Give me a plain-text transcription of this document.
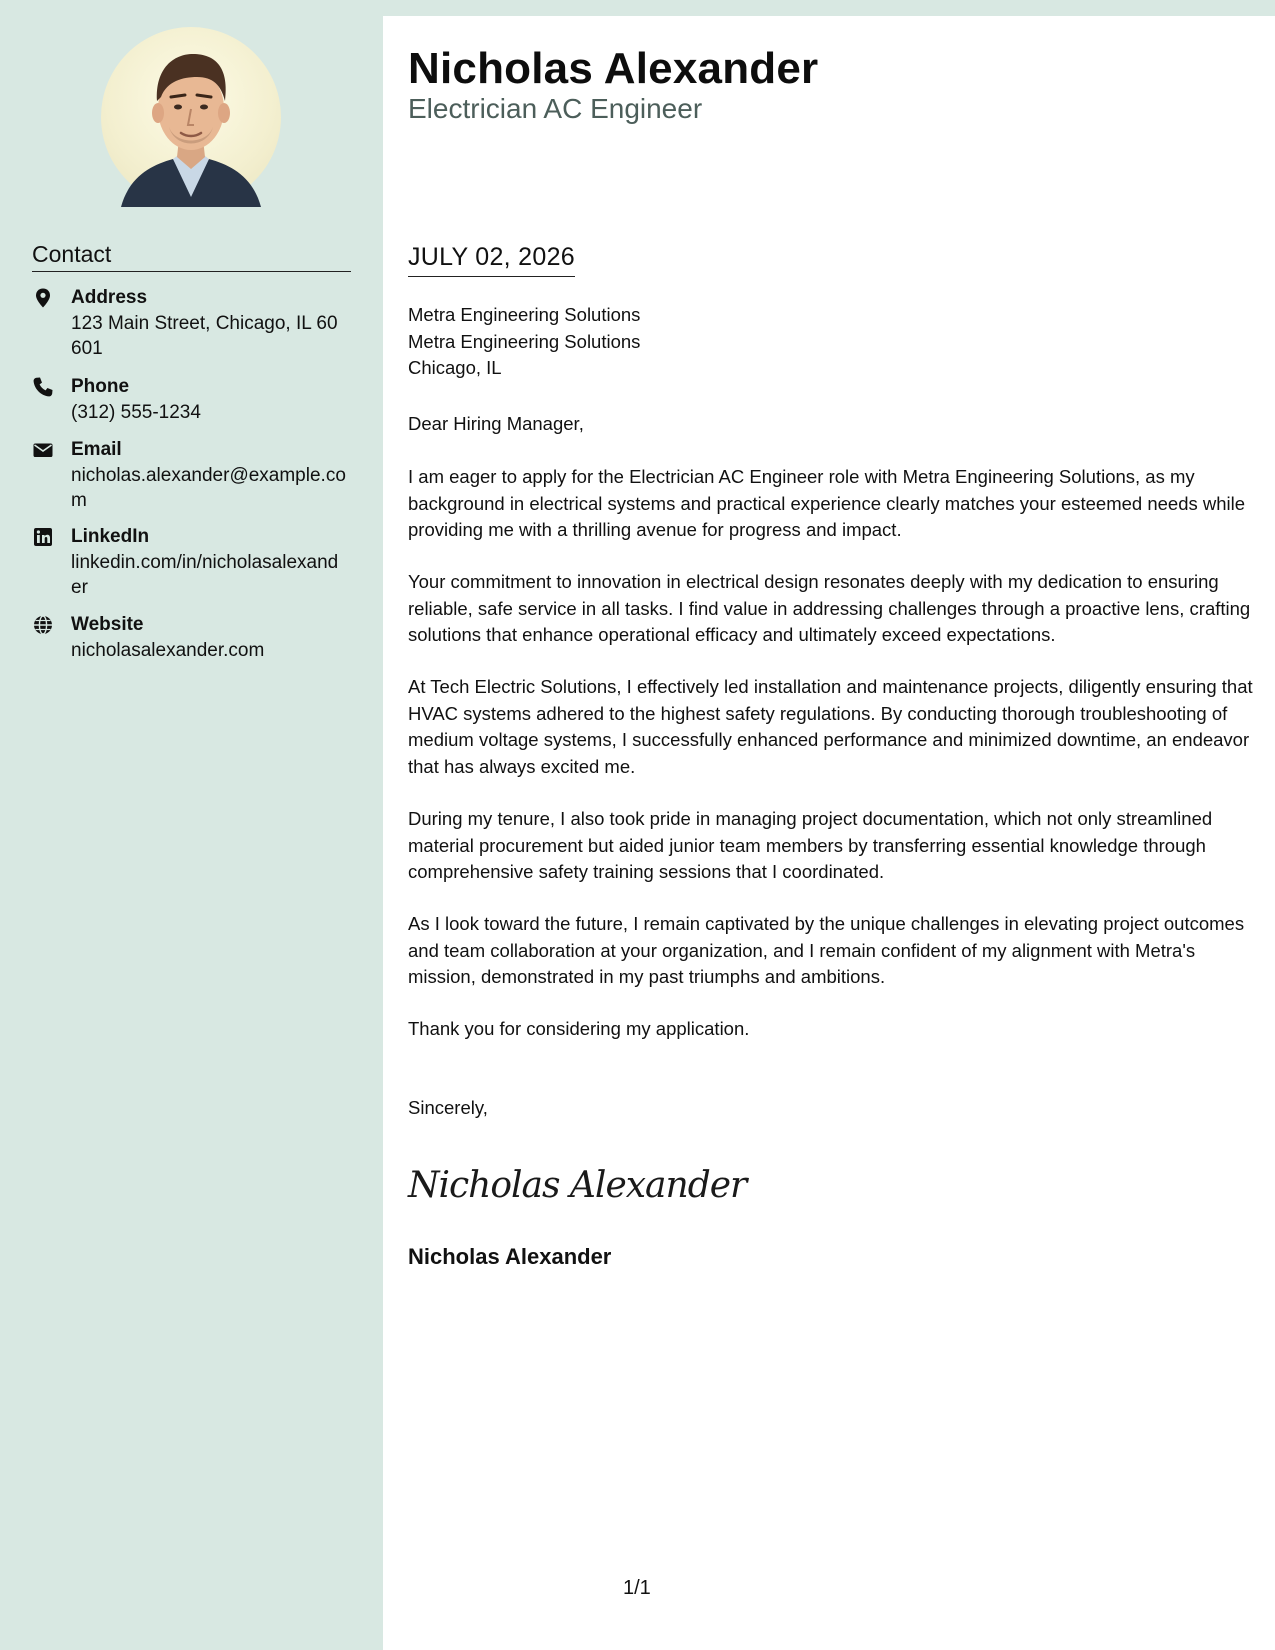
Contact
Address
123 Main Street, Chicago, IL 60601
Phone
(312) 555-1234
Email
nicholas.alexander@example.com
LinkedIn
linkedin.com/in/nicholasalexander
Website
nicholasalexander.com
Nicholas Alexander
Electrician AC Engineer
JULY 02, 2026
Metra Engineering Solutions
Metra Engineering Solutions
Chicago, IL

Dear Hiring Manager,

I am eager to apply for the Electrician AC Engineer role with Metra Engineering Solutions, as my background in electrical systems and practical experience clearly matches your esteemed needs while providing me with a thrilling avenue for progress and impact.

Your commitment to innovation in electrical design resonates deeply with my dedication to ensuring reliable, safe service in all tasks. I find value in addressing challenges through a proactive lens, crafting solutions that enhance operational efficacy and ultimately exceed expectations.

At Tech Electric Solutions, I effectively led installation and maintenance projects, diligently ensuring that HVAC systems adhered to the highest safety regulations. By conducting thorough troubleshooting of medium voltage systems, I successfully enhanced performance and minimized downtime, an endeavor that has always excited me.

During my tenure, I also took pride in managing project documentation, which not only streamlined material procurement but aided junior team members by transferring essential knowledge through comprehensive safety training sessions that I coordinated.

As I look toward the future, I remain captivated by the unique challenges in elevating project outcomes and team collaboration at your organization, and I remain confident of my alignment with Metra's mission, demonstrated in my past triumphs and ambitions.

Thank you for considering my application.

Sincerely,

Nicholas Alexander
Nicholas Alexander
1/1
